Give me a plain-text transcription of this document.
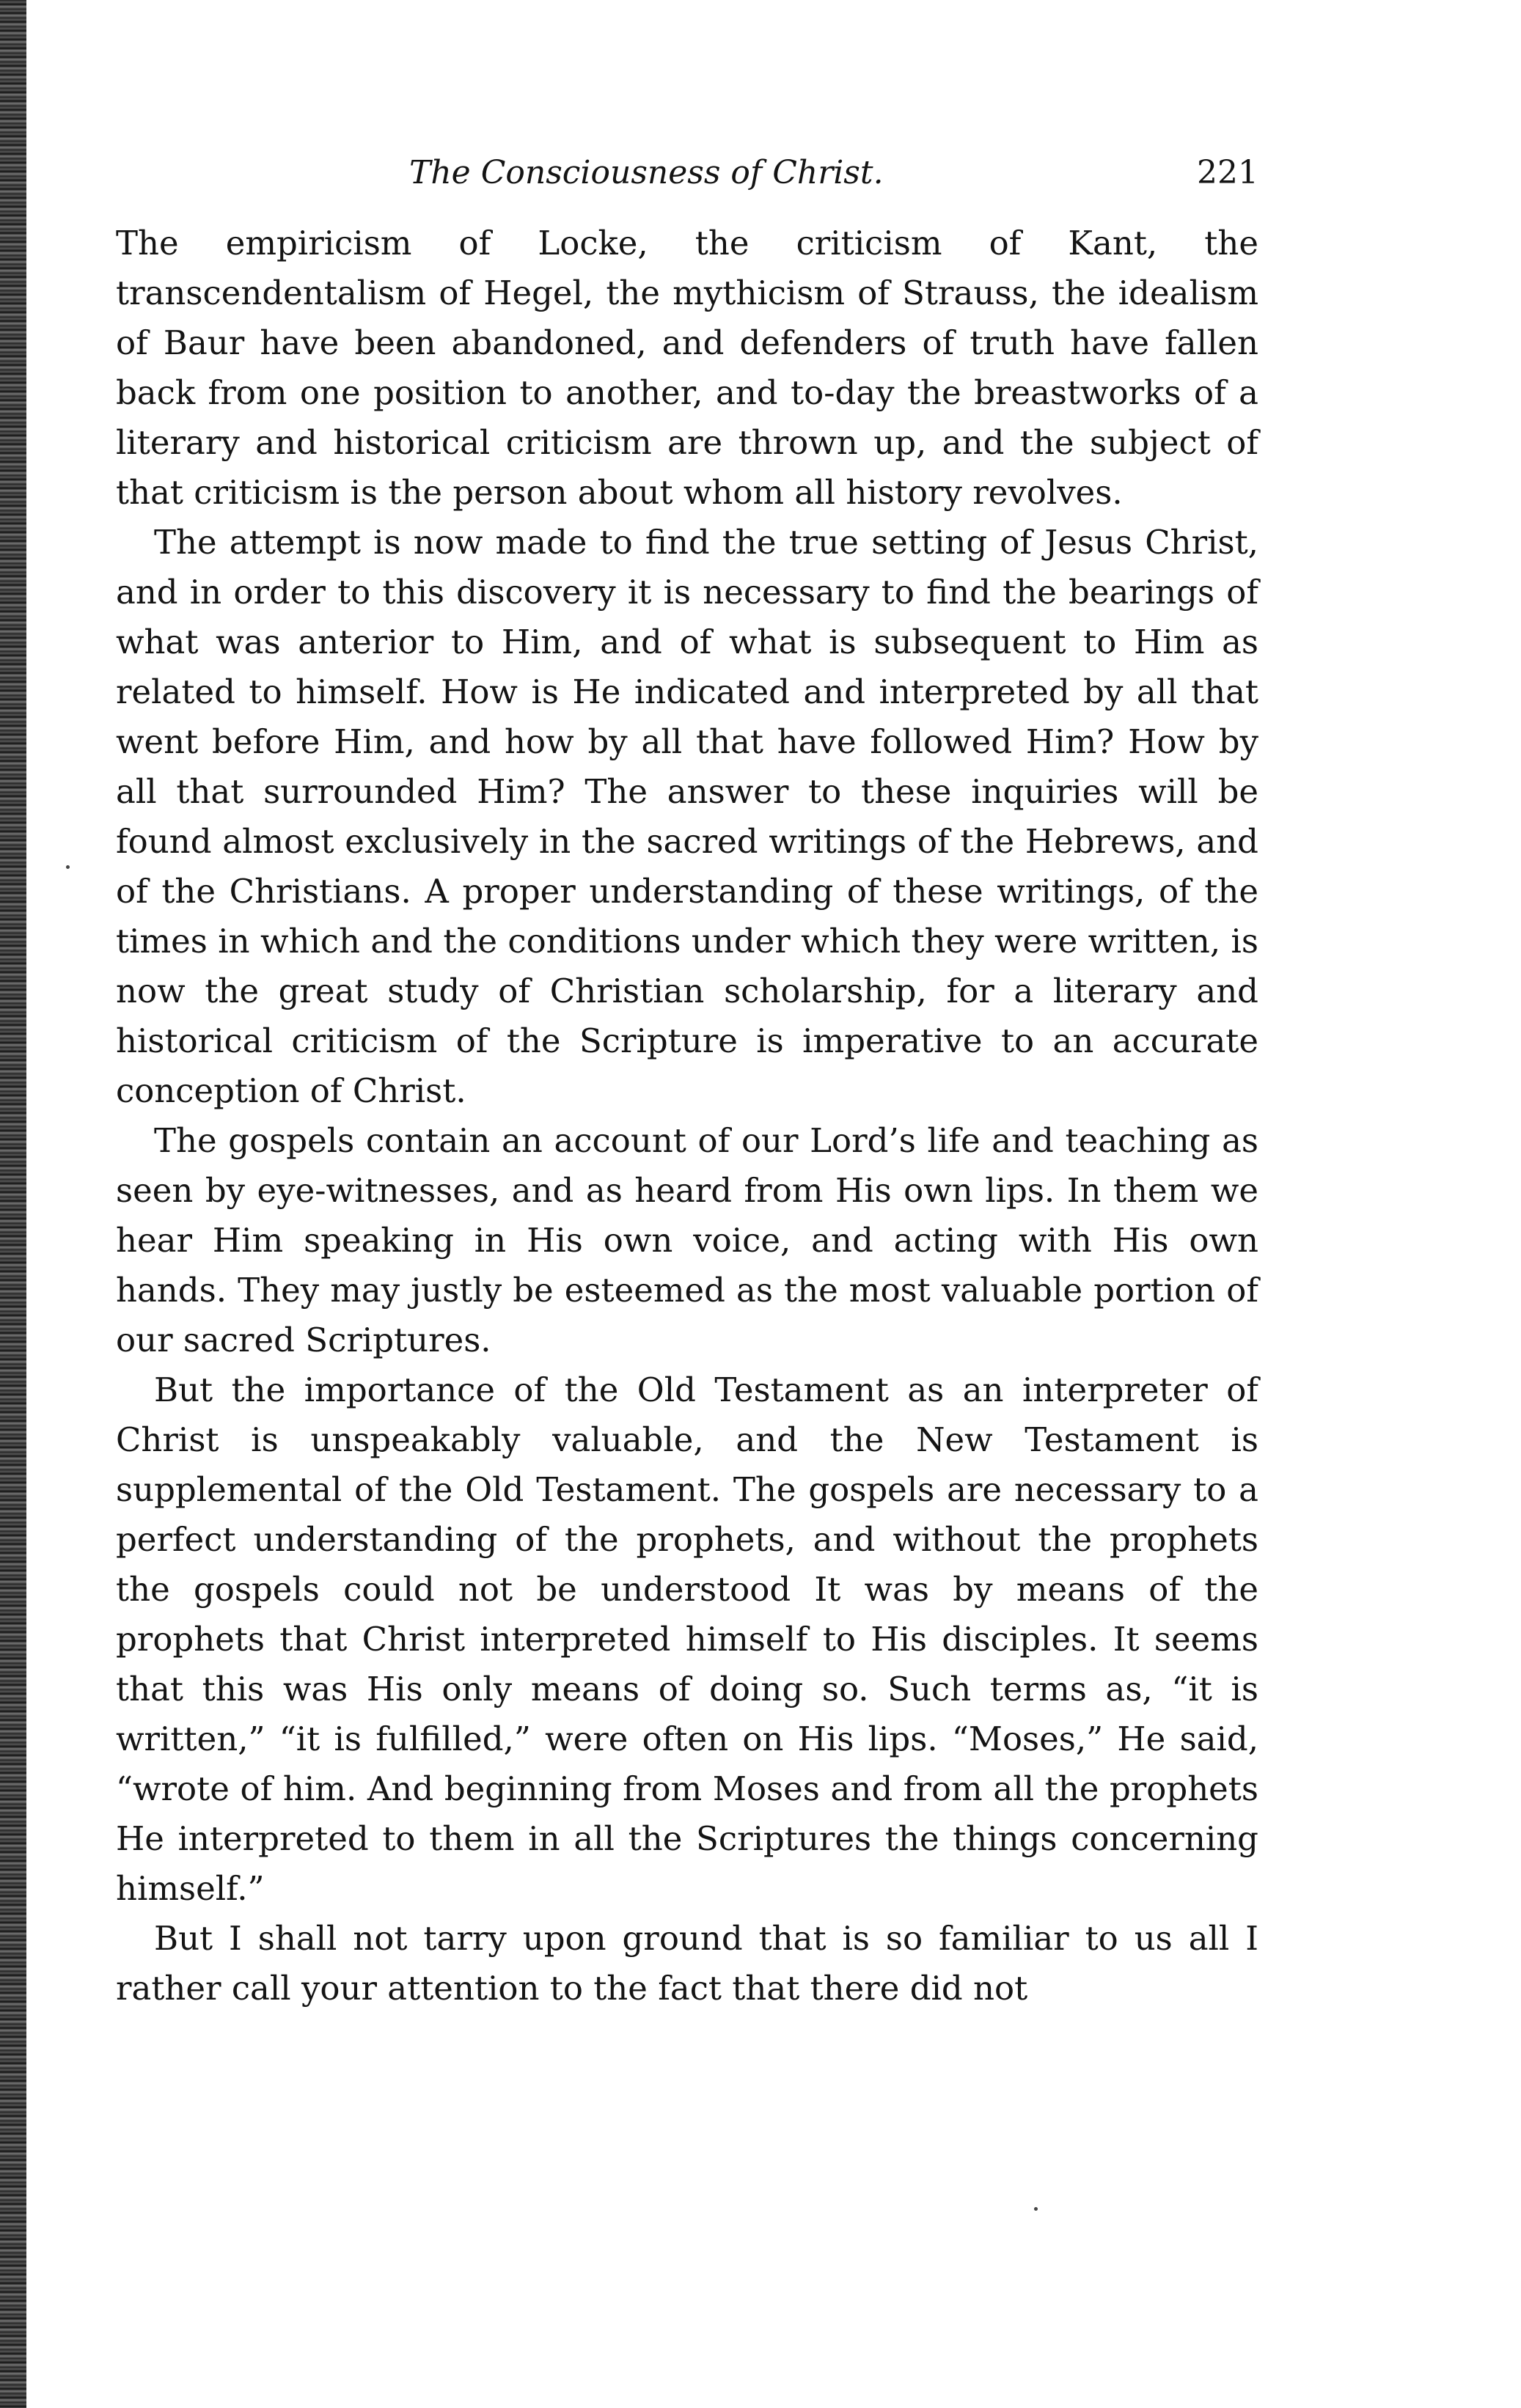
The Consciousness of Christ.	221

The empiricism of Locke, the criticism of Kant, the transcendentalism of Hegel, the mythicism of Strauss, the idealism of Baur have been abandoned, and defenders of truth have fallen back from one position to another, and to-day the breastworks of a literary and historical criticism are thrown up, and the subject of that criticism is the person about whom all history revolves.

The attempt is now made to find the true setting of Jesus Christ, and in order to this discovery it is necessary to find the bearings of what was anterior to Him, and of what is subsequent to Him as related to himself. How is He indicated and interpreted by all that went before Him, and how by all that have followed Him? How by all that surrounded Him? The answer to these inquiries will be found almost exclusively in the sacred writings of the Hebrews, and of the Christians. A proper understanding of these writings, of the times in which and the conditions under which they were written, is now the great study of Christian scholarship, for a literary and historical criticism of the Scripture is imperative to an accurate conception of Christ.

The gospels contain an account of our Lord’s life and teaching as seen by eye-witnesses, and as heard from His own lips. In them we hear Him speaking in His own voice, and acting with His own hands. They may justly be esteemed as the most valuable portion of our sacred Scriptures.

But the importance of the Old Testament as an interpreter of Christ is unspeakably valuable, and the New Testament is supplemental of the Old Testament. The gospels are necessary to a perfect understanding of the prophets, and without the prophets the gospels could not be understood It was by means of the prophets that Christ interpreted himself to His disciples. It seems that this was His only means of doing so. Such terms as, “it is written,” “it is fulfilled,” were often on His lips. “Moses,” He said, “wrote of him. And beginning from Moses and from all the prophets He interpreted to them in all the Scriptures the things concerning himself.”

But I shall not tarry upon ground that is so familiar to us all I rather call your attention to the fact that there did not
